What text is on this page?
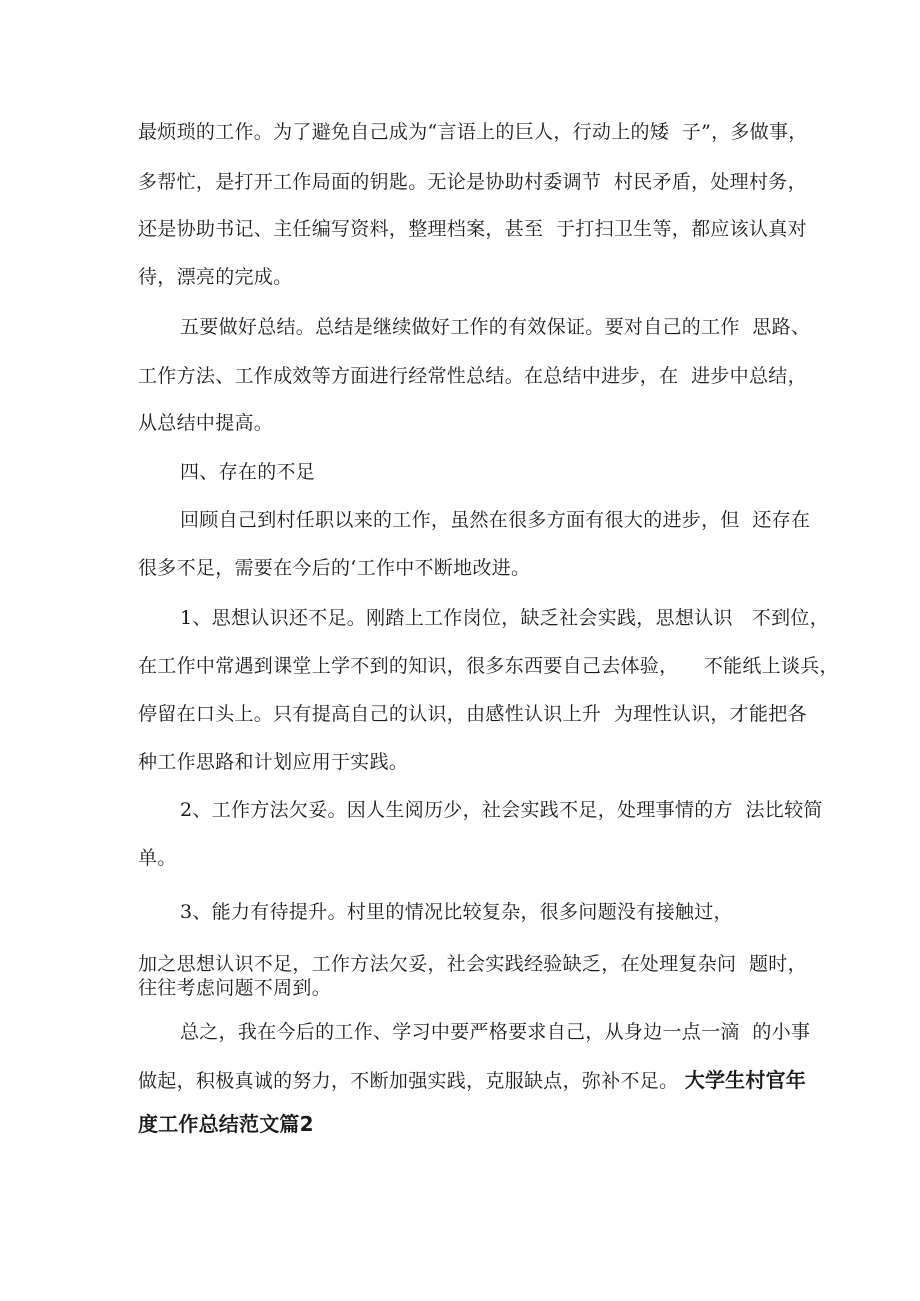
最烦琐的工作。为了避免自己成为“言语上的巨人，行动上的矮  子”，多做事，
多帮忙，是打开工作局面的钥匙。无论是协助村委调节  村民矛盾，处理村务，
还是协助书记、主任编写资料，整理档案，甚至  于打扫卫生等，都应该认真对
待，漂亮的完成。
五要做好总结。总结是继续做好工作的有效保证。要对自己的工作  思路、
工作方法、工作成效等方面进行经常性总结。在总结中进步，在  进步中总结，
从总结中提高。
四、存在的不足
回顾自己到村任职以来的工作，虽然在很多方面有很大的进步，但  还存在
很多不足，需要在今后的‘工作中不断地改进。
1、思想认识还不足。刚踏上工作岗位，缺乏社会实践，思想认识   不到位，
在工作中常遇到课堂上学不到的知识，很多东西要自己去体验，    不能纸上谈兵，
停留在口头上。只有提高自己的认识，由感性认识上升  为理性认识，才能把各
种工作思路和计划应用于实践。
2、工作方法欠妥。因人生阅历少，社会实践不足，处理事情的方  法比较简
单。
3、能力有待提升。村里的情况比较复杂，很多问题没有接触过，
加之思想认识不足，工作方法欠妥，社会实践经验缺乏，在处理复杂问  题时，
往往考虑问题不周到。
总之，我在今后的工作、学习中要严格要求自己，从身边一点一滴  的小事
做起，积极真诚的努力，不断加强实践，克服缺点，弥补不足。 大学生村官年
度工作总结范文篇2
